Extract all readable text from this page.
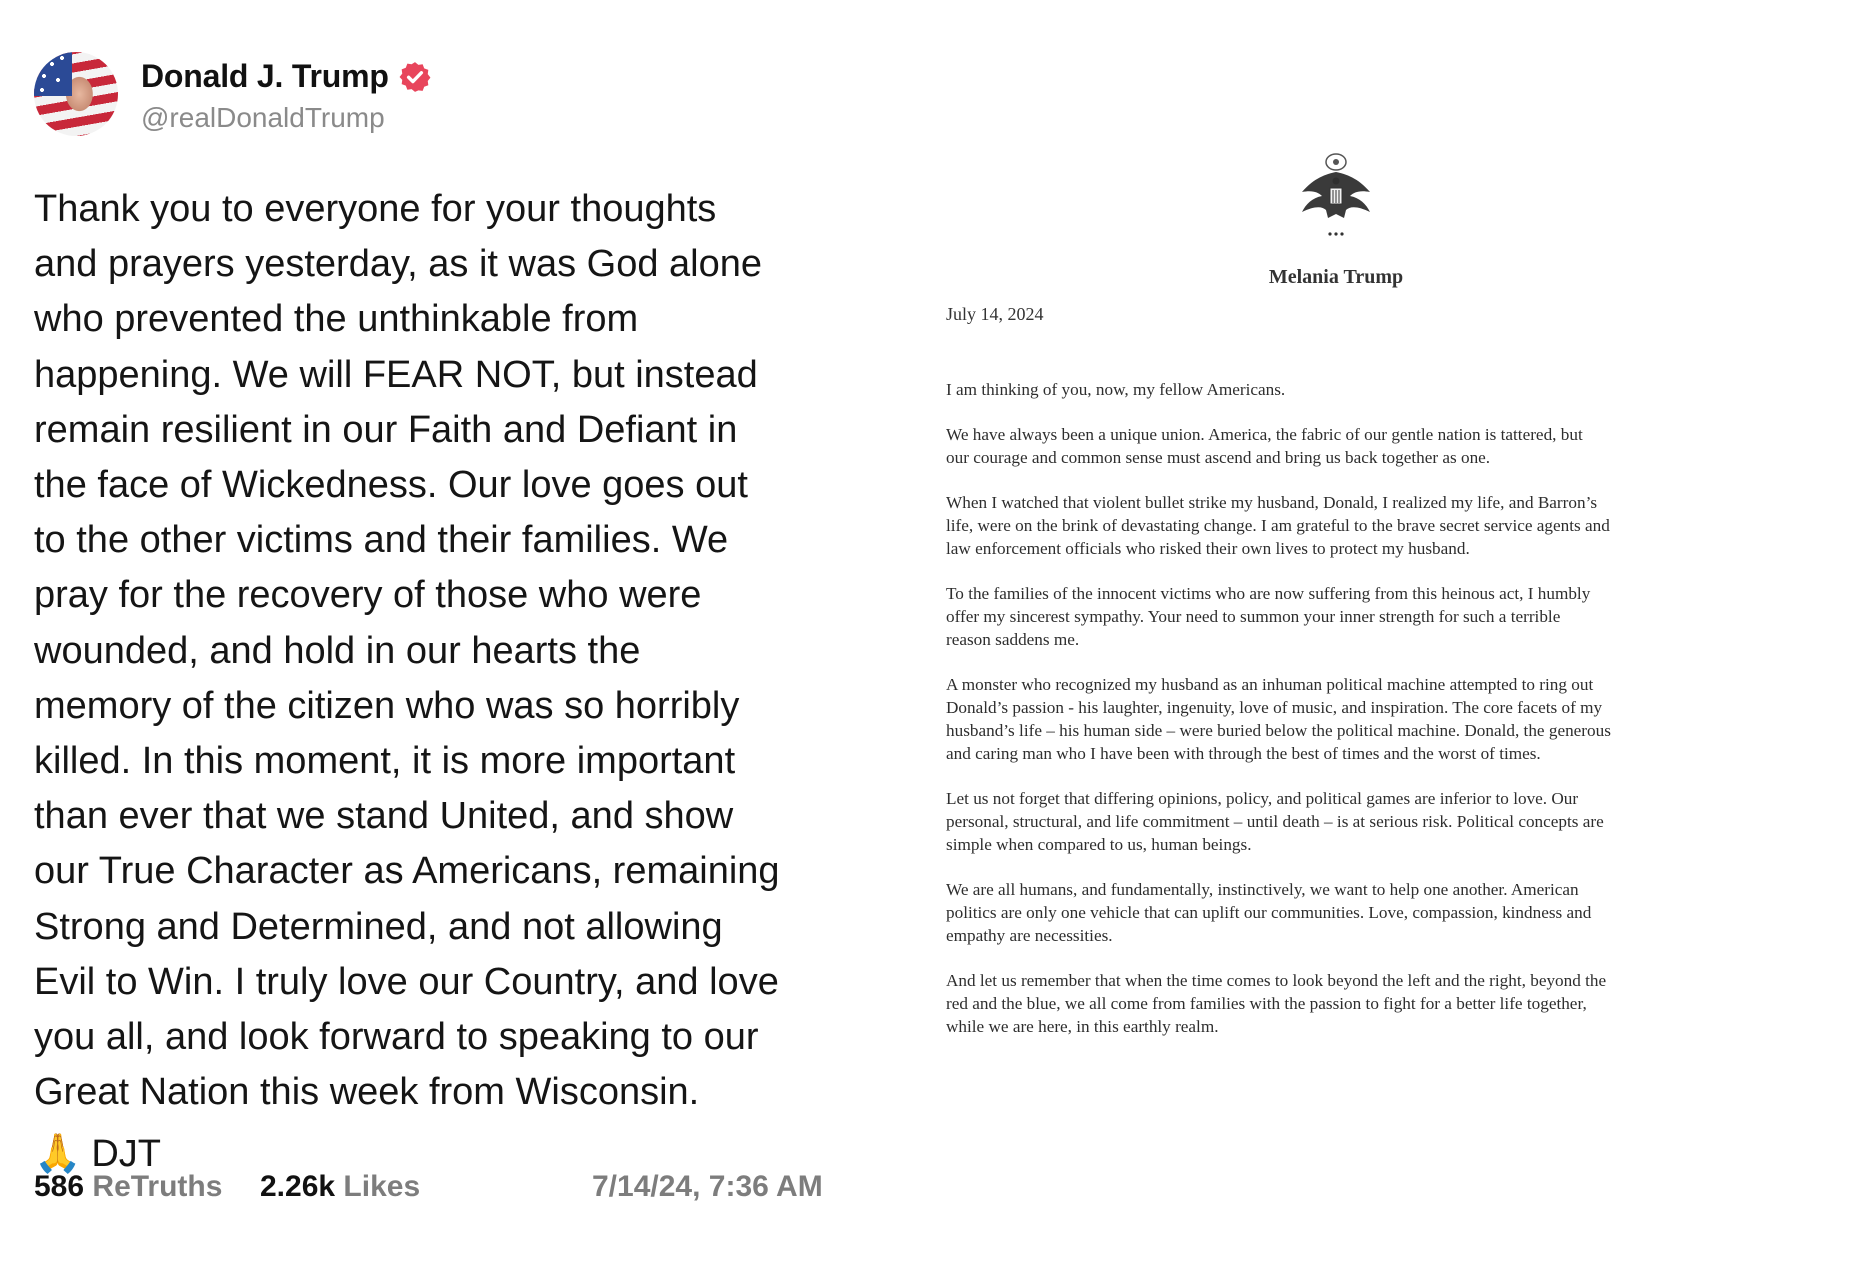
Donald J. Trump
@realDonaldTrump
Thank you to everyone for your thoughts
and prayers yesterday, as it was God alone
who prevented the unthinkable from
happening. We will FEAR NOT, but instead
remain resilient in our Faith and Defiant in
the face of Wickedness. Our love goes out
to the other victims and their families. We
pray for the recovery of those who were
wounded, and hold in our hearts the
memory of the citizen who was so horribly
killed. In this moment, it is more important
than ever that we stand United, and show
our True Character as Americans, remaining
Strong and Determined, and not allowing
Evil to Win. I truly love our Country, and love
you all, and look forward to speaking to our
Great Nation this week from Wisconsin.
🙏 DJT
586 ReTruths 2.26k Likes	7/14/24, 7:36 AM
Melania Trump
July 14, 2024

I am thinking of you, now, my fellow Americans.

We have always been a unique union. America, the fabric of our gentle nation is tattered, but
our courage and common sense must ascend and bring us back together as one.

When I watched that violent bullet strike my husband, Donald, I realized my life, and Barron’s
life, were on the brink of devastating change. I am grateful to the brave secret service agents and
law enforcement officials who risked their own lives to protect my husband.

To the families of the innocent victims who are now suffering from this heinous act, I humbly
offer my sincerest sympathy. Your need to summon your inner strength for such a terrible
reason saddens me.

A monster who recognized my husband as an inhuman political machine attempted to ring out
Donald’s passion - his laughter, ingenuity, love of music, and inspiration. The core facets of my
husband’s life – his human side – were buried below the political machine. Donald, the generous
and caring man who I have been with through the best of times and the worst of times.

Let us not forget that differing opinions, policy, and political games are inferior to love. Our
personal, structural, and life commitment – until death – is at serious risk. Political concepts are
simple when compared to us, human beings.

We are all humans, and fundamentally, instinctively, we want to help one another. American
politics are only one vehicle that can uplift our communities. Love, compassion, kindness and
empathy are necessities.

And let us remember that when the time comes to look beyond the left and the right, beyond the
red and the blue, we all come from families with the passion to fight for a better life together,
while we are here, in this earthly realm.
